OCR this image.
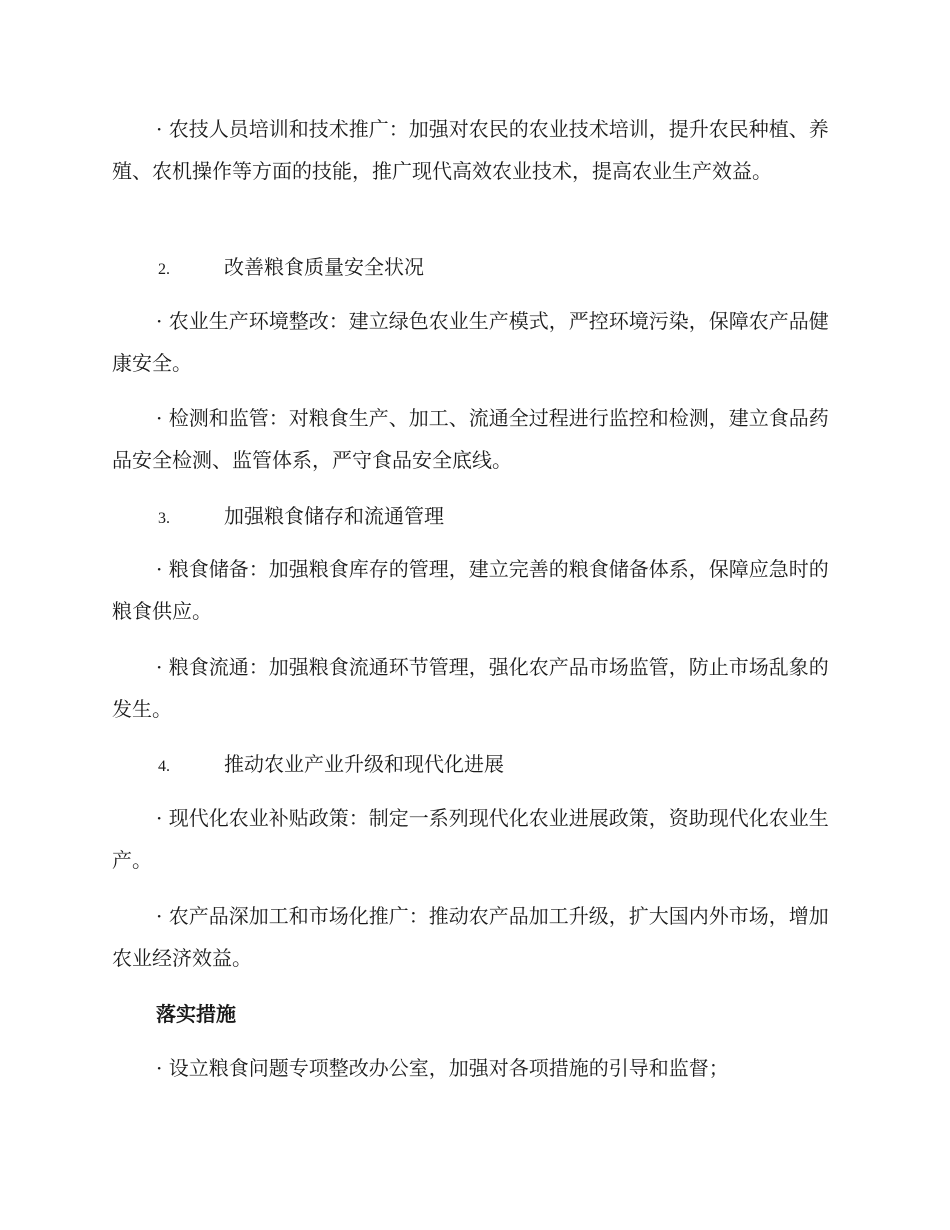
· 农技人员培训和技术推广：加强对农民的农业技术培训，提升农民种植、养殖、农机操作等方面的技能，推广现代高效农业技术，提高农业生产效益。

2.	改善粮食质量安全状况

· 农业生产环境整改：建立绿色农业生产模式，严控环境污染，保障农产品健康安全。

· 检测和监管：对粮食生产、加工、流通全过程进行监控和检测，建立食品药品安全检测、监管体系，严守食品安全底线。

3.	加强粮食储存和流通管理

· 粮食储备：加强粮食库存的管理，建立完善的粮食储备体系，保障应急时的粮食供应。

· 粮食流通：加强粮食流通环节管理，强化农产品市场监管，防止市场乱象的发生。

4.	推动农业产业升级和现代化进展

· 现代化农业补贴政策：制定一系列现代化农业进展政策，资助现代化农业生产。

· 农产品深加工和市场化推广：推动农产品加工升级，扩大国内外市场，增加农业经济效益。

落实措施

· 设立粮食问题专项整改办公室，加强对各项措施的引导和监督；
